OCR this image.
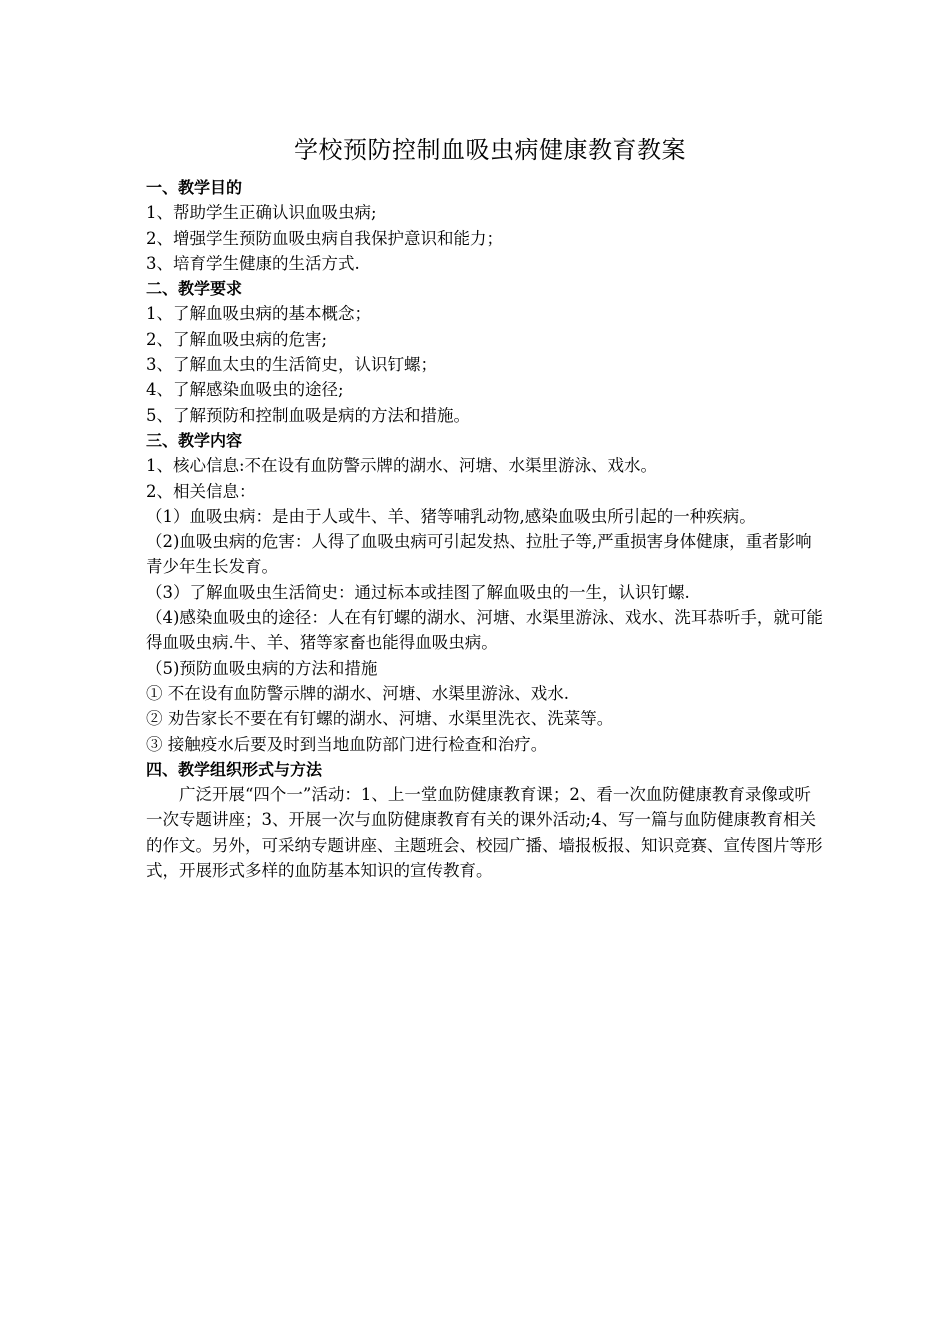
学校预防控制血吸虫病健康教育教案

一、教学目的

1、帮助学生正确认识血吸虫病;

2、增强学生预防血吸虫病自我保护意识和能力；

3、培育学生健康的生活方式.

二、教学要求

1、了解血吸虫病的基本概念；

2、了解血吸虫病的危害;

3、了解血太虫的生活简史，认识钉螺；

4、了解感染血吸虫的途径;

5、了解预防和控制血吸是病的方法和措施。

三、教学内容

1、核心信息:不在设有血防警示牌的湖水、河塘、水渠里游泳、戏水。

2、相关信息：

（1）血吸虫病：是由于人或牛、羊、猪等哺乳动物,感染血吸虫所引起的一种疾病。

（2)血吸虫病的危害：人得了血吸虫病可引起发热、拉肚子等,严重损害身体健康，重者影响青少年生长发育。

（3）了解血吸虫生活简史：通过标本或挂图了解血吸虫的一生，认识钉螺.

（4)感染血吸虫的途径：人在有钉螺的湖水、河塘、水渠里游泳、戏水、洗耳恭听手，就可能得血吸虫病.牛、羊、猪等家畜也能得血吸虫病。

（5)预防血吸虫病的方法和措施

① 不在设有血防警示牌的湖水、河塘、水渠里游泳、戏水.

② 劝告家长不要在有钉螺的湖水、河塘、水渠里洗衣、洗菜等。

③ 接触疫水后要及时到当地血防部门进行检查和治疗。

四、教学组织形式与方法

广泛开展“四个一”活动：1、上一堂血防健康教育课；2、看一次血防健康教育录像或听一次专题讲座；3、开展一次与血防健康教育有关的课外活动;4、写一篇与血防健康教育相关的作文。另外，可采纳专题讲座、主题班会、校园广播、墙报板报、知识竞赛、宣传图片等形式，开展形式多样的血防基本知识的宣传教育。
